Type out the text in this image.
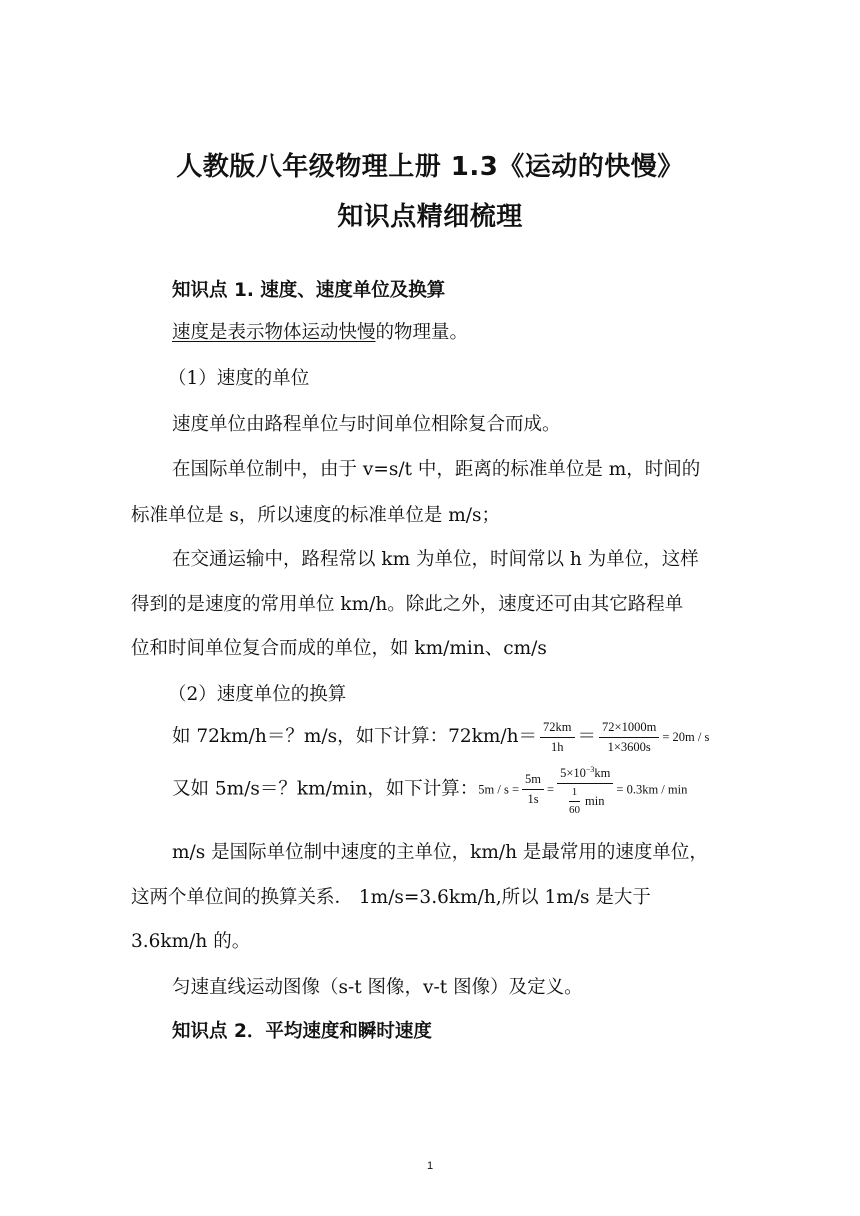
人教版八年级物理上册 1.3《运动的快慢》
知识点精细梳理
知识点 1. 速度、速度单位及换算
速度是表示物体运动快慢的物理量。
（1）速度的单位
速度单位由路程单位与时间单位相除复合而成。
在国际单位制中，由于 v=s/t 中，距离的标准单位是 m，时间的
标准单位是 s，所以速度的标准单位是 m/s；
在交通运输中，路程常以 km 为单位，时间常以 h 为单位，这样
得到的是速度的常用单位 km/h。除此之外，速度还可由其它路程单
位和时间单位复合而成的单位，如 km/min、cm/s
（2）速度单位的换算
如 72km/h＝？m/s，如下计算：$72km/h= \frac{72km}{1h} = \frac{72\times 1000m}{1\times 3600s} = 20m / s$
又如 5m/s＝？km/min，如下计算：$5m / s = \frac{5m}{1s} = \frac{5\times 10^{-3}km}{\frac{1}{60} \min} = 0.3km / \min$
m/s 是国际单位制中速度的主单位，km/h 是最常用的速度单位，
这两个单位间的换算关系． 1m/s=3.6km/h,所以 1m/s 是大于
3.6km/h 的。
匀速直线运动图像（s-t 图像，v-t 图像）及定义。
知识点 2．平均速度和瞬时速度
1
